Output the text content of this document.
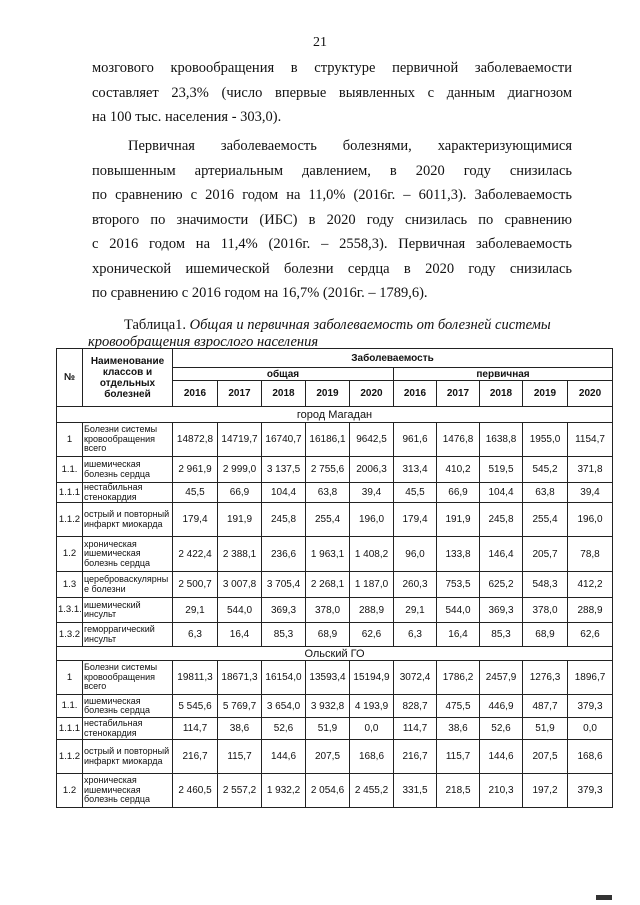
21
мозгового кровообращения в структуре первичной заболеваемости
составляет 23,3% (число впервые выявленных с данным диагнозом
на 100 тыс. населения - 303,0).
Первичная заболеваемость болезнями, характеризующимися
повышенным артериальным давлением, в 2020 году снизилась
по сравнению с 2016 годом на 11,0% (2016г. – 6011,3). Заболеваемость
второго по значимости (ИБС) в 2020 году снизилась по сравнению
с 2016 годом на 11,4% (2016г. – 2558,3). Первичная заболеваемость
хронической ишемической болезни сердца в 2020 году снизилась
по сравнению с 2016 годом на 16,7% (2016г. – 1789,6).
Таблица1. Общая и первичная заболеваемость от болезней системы кровообращения взрослого населения
№	Наименование классов и отдельных болезней	Заболеваемость									
		общая					первичная				
		2016	2017	2018	2019	2020	2016	2017	2018	2019	2020
город Магадан											
1	Болезни системы кровообращения всего	14872,8	14719,7	16740,7	16186,1	9642,5	961,6	1476,8	1638,8	1955,0	1154,7
1.1.	ишемическая болезнь сердца	2 961,9	2 999,0	3 137,5	2 755,6	2006,3	313,4	410,2	519,5	545,2	371,8
1.1.1	нестабильная стенокардия	45,5	66,9	104,4	63,8	39,4	45,5	66,9	104,4	63,8	39,4
1.1.2	острый и повторный инфаркт миокарда	179,4	191,9	245,8	255,4	196,0	179,4	191,9	245,8	255,4	196,0
1.2	хроническая ишемическая болезнь сердца	2 422,4	2 388,1	236,6	1 963,1	1 408,2	96,0	133,8	146,4	205,7	78,8
1.3	цереброваскулярные болезни	2 500,7	3 007,8	3 705,4	2 268,1	1 187,0	260,3	753,5	625,2	548,3	412,2
1.3.1.	ишемический инсульт	29,1	544,0	369,3	378,0	288,9	29,1	544,0	369,3	378,0	288,9
1.3.2	геморрагический инсульт	6,3	16,4	85,3	68,9	62,6	6,3	16,4	85,3	68,9	62,6
Ольский ГО											
1	Болезни системы кровообращения всего	19811,3	18671,3	16154,0	13593,4	15194,9	3072,4	1786,2	2457,9	1276,3	1896,7
1.1.	ишемическая болезнь сердца	5 545,6	5 769,7	3 654,0	3 932,8	4 193,9	828,7	475,5	446,9	487,7	379,3
1.1.1	нестабильная стенокардия	114,7	38,6	52,6	51,9	0,0	114,7	38,6	52,6	51,9	0,0
1.1.2	острый и повторный инфаркт миокарда	216,7	115,7	144,6	207,5	168,6	216,7	115,7	144,6	207,5	168,6
1.2	хроническая ишемическая болезнь сердца	2 460,5	2 557,2	1 932,2	2 054,6	2 455,2	331,5	218,5	210,3	197,2	379,3
